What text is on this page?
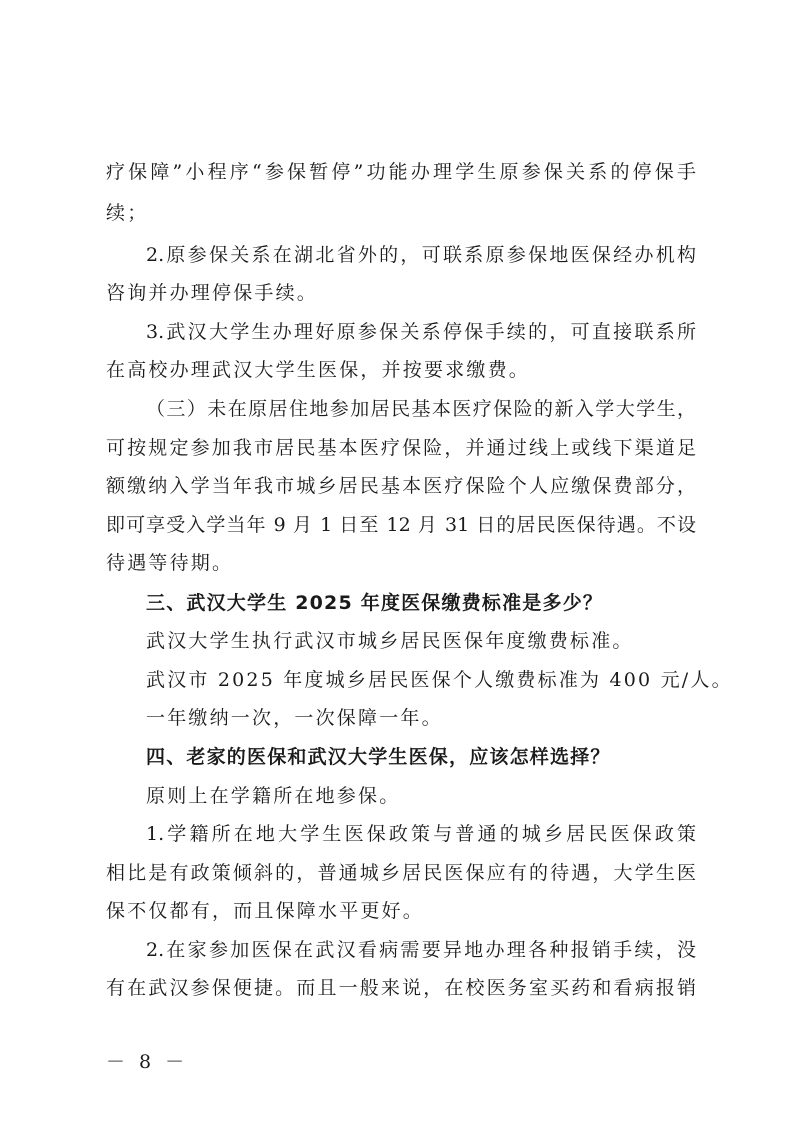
疗保障”小程序“参保暂停”功能办理学生原参保关系的停保手
续；
2.原参保关系在湖北省外的，可联系原参保地医保经办机构
咨询并办理停保手续。
3.武汉大学生办理好原参保关系停保手续的，可直接联系所
在高校办理武汉大学生医保，并按要求缴费。
（三）未在原居住地参加居民基本医疗保险的新入学大学生，
可按规定参加我市居民基本医疗保险，并通过线上或线下渠道足
额缴纳入学当年我市城乡居民基本医疗保险个人应缴保费部分，
即可享受入学当年 9 月 1 日至 12 月 31 日的居民医保待遇。不设
待遇等待期。
三、武汉大学生 2025 年度医保缴费标准是多少？
武汉大学生执行武汉市城乡居民医保年度缴费标准。
武汉市 2025 年度城乡居民医保个人缴费标准为 400 元/人。
一年缴纳一次，一次保障一年。
四、老家的医保和武汉大学生医保，应该怎样选择？
原则上在学籍所在地参保。
1.学籍所在地大学生医保政策与普通的城乡居民医保政策
相比是有政策倾斜的，普通城乡居民医保应有的待遇，大学生医
保不仅都有，而且保障水平更好。
2.在家参加医保在武汉看病需要异地办理各种报销手续，没
有在武汉参保便捷。而且一般来说，在校医务室买药和看病报销
－ 8 －
